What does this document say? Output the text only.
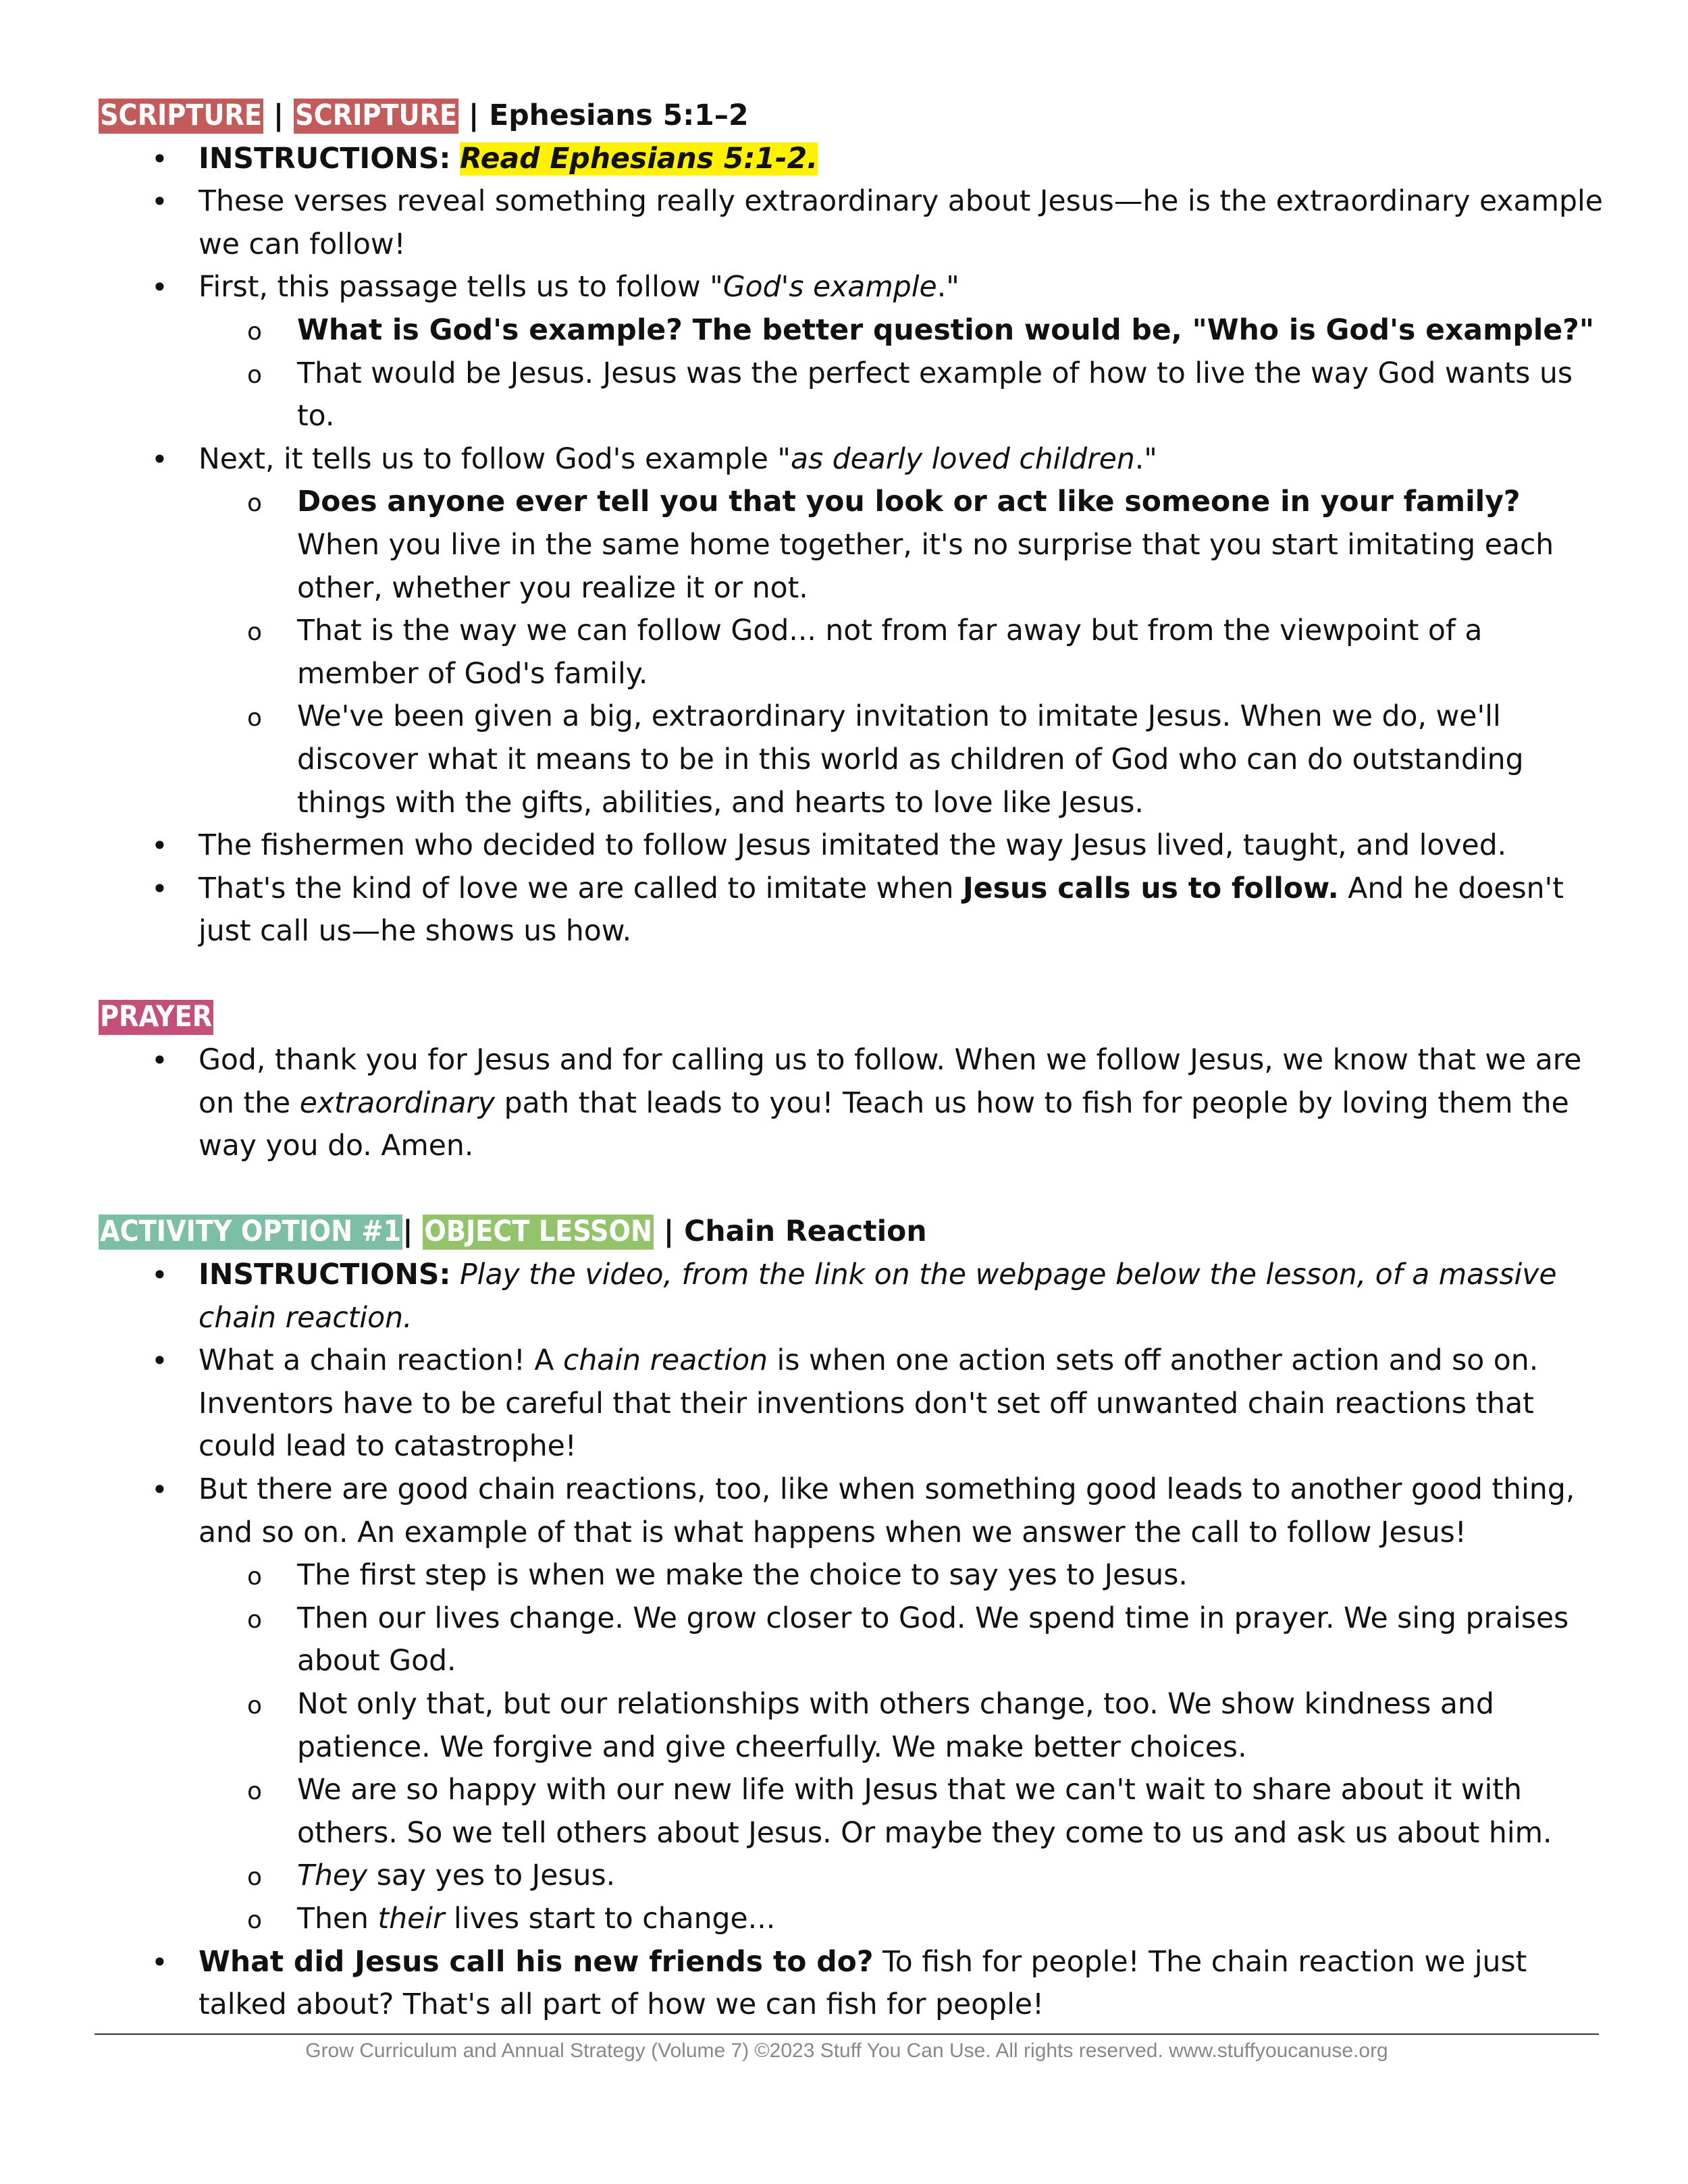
SCRIPTURE | SCRIPTURE | Ephesians 5:1–2
• INSTRUCTIONS: Read Ephesians 5:1-2.
• These verses reveal something really extraordinary about Jesus—he is the extraordinary example we can follow!
• First, this passage tells us to follow "God's example."
o What is God's example? The better question would be, "Who is God's example?"
o That would be Jesus. Jesus was the perfect example of how to live the way God wants us to.
• Next, it tells us to follow God's example "as dearly loved children."
o Does anyone ever tell you that you look or act like someone in your family? When you live in the same home together, it's no surprise that you start imitating each other, whether you realize it or not.
o That is the way we can follow God... not from far away but from the viewpoint of a member of God's family.
o We've been given a big, extraordinary invitation to imitate Jesus. When we do, we'll discover what it means to be in this world as children of God who can do outstanding things with the gifts, abilities, and hearts to love like Jesus.
• The fishermen who decided to follow Jesus imitated the way Jesus lived, taught, and loved.
• That's the kind of love we are called to imitate when Jesus calls us to follow. And he doesn't just call us—he shows us how.
PRAYER
• God, thank you for Jesus and for calling us to follow. When we follow Jesus, we know that we are on the extraordinary path that leads to you! Teach us how to fish for people by loving them the way you do. Amen.
ACTIVITY OPTION #1| OBJECT LESSON | Chain Reaction
• INSTRUCTIONS: Play the video, from the link on the webpage below the lesson, of a massive chain reaction.
• What a chain reaction! A chain reaction is when one action sets off another action and so on. Inventors have to be careful that their inventions don't set off unwanted chain reactions that could lead to catastrophe!
• But there are good chain reactions, too, like when something good leads to another good thing, and so on. An example of that is what happens when we answer the call to follow Jesus!
o The first step is when we make the choice to say yes to Jesus.
o Then our lives change. We grow closer to God. We spend time in prayer. We sing praises about God.
o Not only that, but our relationships with others change, too. We show kindness and patience. We forgive and give cheerfully. We make better choices.
o We are so happy with our new life with Jesus that we can't wait to share about it with others. So we tell others about Jesus. Or maybe they come to us and ask us about him.
o They say yes to Jesus.
o Then their lives start to change...
• What did Jesus call his new friends to do? To fish for people! The chain reaction we just talked about? That's all part of how we can fish for people!
Grow Curriculum and Annual Strategy (Volume 7) ©2023 Stuff You Can Use. All rights reserved. www.stuffyoucanuse.org
